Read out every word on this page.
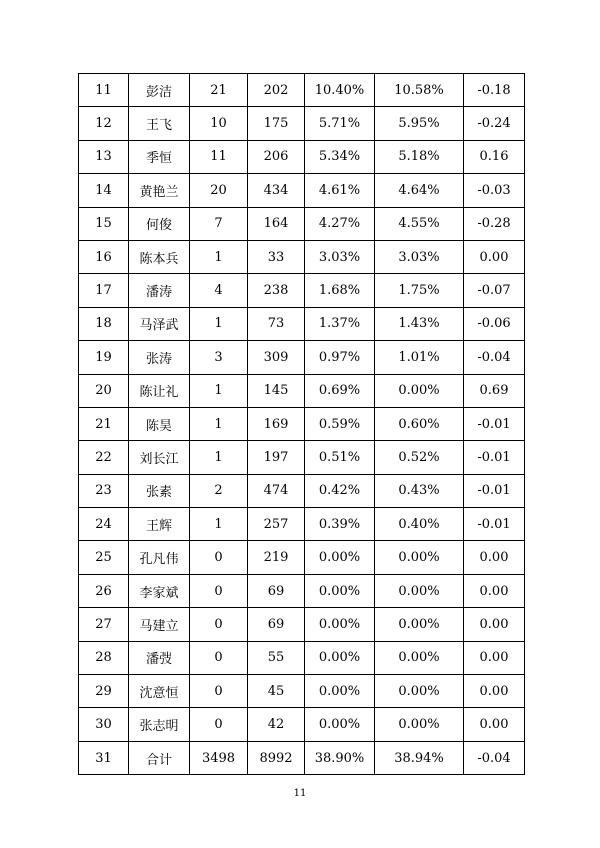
11	彭洁	21	202	10.40%	10.58%	-0.18
12	王飞	10	175	5.71%	5.95%	-0.24
13	季恒	11	206	5.34%	5.18%	0.16
14	黄艳兰	20	434	4.61%	4.64%	-0.03
15	何俊	7	164	4.27%	4.55%	-0.28
16	陈本兵	1	33	3.03%	3.03%	0.00
17	潘涛	4	238	1.68%	1.75%	-0.07
18	马泽武	1	73	1.37%	1.43%	-0.06
19	张涛	3	309	0.97%	1.01%	-0.04
20	陈让礼	1	145	0.69%	0.00%	0.69
21	陈昊	1	169	0.59%	0.60%	-0.01
22	刘长江	1	197	0.51%	0.52%	-0.01
23	张素	2	474	0.42%	0.43%	-0.01
24	王辉	1	257	0.39%	0.40%	-0.01
25	孔凡伟	0	219	0.00%	0.00%	0.00
26	李家斌	0	69	0.00%	0.00%	0.00
27	马建立	0	69	0.00%	0.00%	0.00
28	潘弢	0	55	0.00%	0.00%	0.00
29	沈意恒	0	45	0.00%	0.00%	0.00
30	张志明	0	42	0.00%	0.00%	0.00
31	合计	3498	8992	38.90%	38.94%	-0.04
11
